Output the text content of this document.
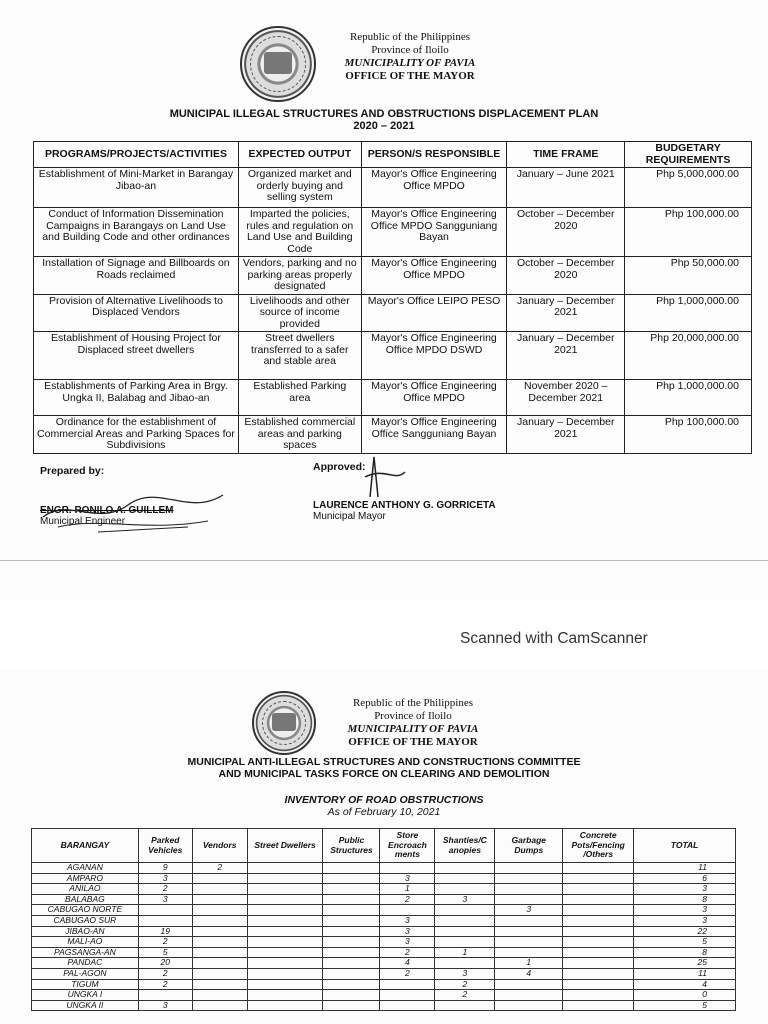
Republic of the Philippines
Province of Iloilo
MUNICIPALITY OF PAVIA
OFFICE OF THE MAYOR
MUNICIPAL ILLEGAL STRUCTURES AND OBSTRUCTIONS DISPLACEMENT PLAN
2020 – 2021
PROGRAMS/PROJECTS/ACTIVITIES	EXPECTED OUTPUT	PERSON/S RESPONSIBLE	TIME FRAME	BUDGETARY REQUIREMENTS
Establishment of Mini-Market in Barangay Jibao-an	Organized market and orderly buying and selling system	Mayor's Office Engineering Office MPDO	January – June 2021	Php 5,000,000.00
Conduct of Information Dissemination Campaigns in Barangays on Land Use and Building Code and other ordinances	Imparted the policies, rules and regulation on Land Use and Building Code	Mayor's Office Engineering Office MPDO Sangguniang Bayan	October – December 2020	Php 100,000.00
Installation of Signage and Billboards on Roads reclaimed	Vendors, parking and no parking areas properly designated	Mayor's Office Engineering Office MPDO	October – December 2020	Php 50,000.00
Provision of Alternative Livelihoods to Displaced Vendors	Livelihoods and other source of income provided	Mayor's Office LEIPO PESO	January – December 2021	Php 1,000,000.00
Establishment of Housing Project for Displaced street dwellers	Street dwellers transferred to a safer and stable area	Mayor's Office Engineering Office MPDO DSWD	January – December 2021	Php 20,000,000.00
Establishments of Parking Area in Brgy. Ungka II, Balabag and Jibao-an	Established Parking area	Mayor's Office Engineering Office MPDO	November 2020 – December 2021	Php 1,000,000.00
Ordinance for the establishment of Commercial Areas and Parking Spaces for Subdivisions	Established commercial areas and parking spaces	Mayor's Office Engineering Office Sangguniang Bayan	January – December 2021	Php 100,000.00
Prepared by:
ENGR. RONILO A. GUILLEM
Municipal Engineer
Approved:
LAURENCE ANTHONY G. GORRICETA
Municipal Mayor
Scanned with CamScanner
Republic of the Philippines
Province of Iloilo
MUNICIPALITY OF PAVIA
OFFICE OF THE MAYOR
MUNICIPAL ANTI-ILLEGAL STRUCTURES AND CONSTRUCTIONS COMMITTEE
AND MUNICIPAL TASKS FORCE ON CLEARING AND DEMOLITION
INVENTORY OF ROAD OBSTRUCTIONS
As of February 10, 2021
BARANGAY	Parked Vehicles	Vendors	Street Dwellers	Public Structures	Store Encroach ments	Shanties/C anopies	Garbage Dumps	Concrete Pots/Fencing /Others	TOTAL
AGANAN	9	2							11
AMPARO	3				3				6
ANILAO	2				1				3
BALABAG	3				2	3			8
CABUGAO NORTE							3		3
CABUGAO SUR					3				3
JIBAO-AN	19				3				22
MALI-AO	2				3				5
PAGSANGA-AN	5				2	1			8
PANDAC	20				4		1		25
PAL-AGON	2				2	3	4		11
TIGUM	2					2			4
UNGKA I						2			0
UNGKA II	3								5
